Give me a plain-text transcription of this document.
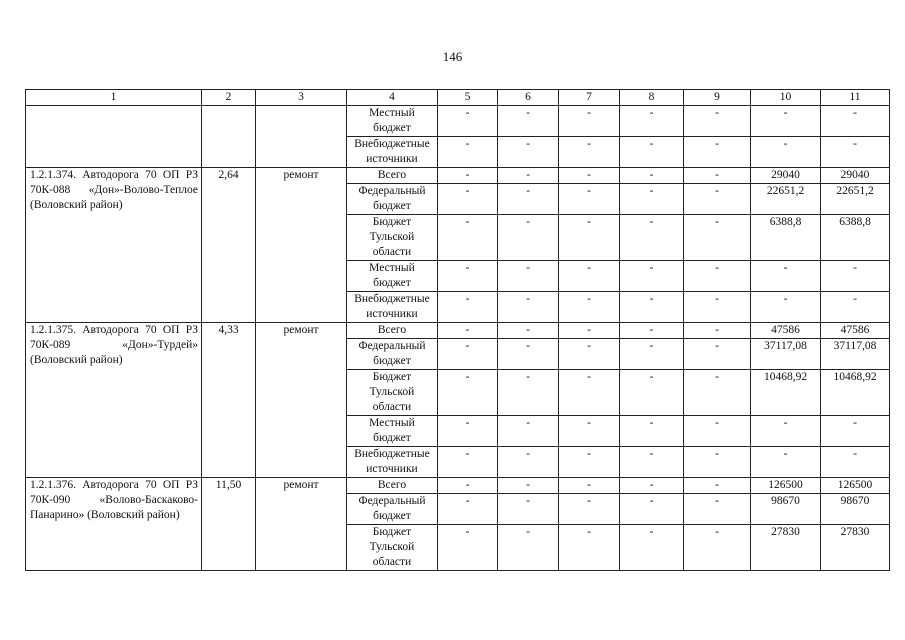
146
1	2	3	4	5	6	7	8	9	10	11
			Местный бюджет	-	-	-	-	-	-	-
			Внебюджетные источники	-	-	-	-	-	-	-
1.2.1.374. Автодорога 70 ОП РЗ 70К-088 «Дон»-Волово-Теплое (Воловский район)	2,64	ремонт	Всего	-	-	-	-	-	29040	29040
			Федеральный бюджет	-	-	-	-	-	22651,2	22651,2
			Бюджет Тульской области	-	-	-	-	-	6388,8	6388,8
			Местный бюджет	-	-	-	-	-	-	-
			Внебюджетные источники	-	-	-	-	-	-	-
1.2.1.375. Автодорога 70 ОП РЗ 70К-089 «Дон»-Турдей» (Воловский район)	4,33	ремонт	Всего	-	-	-	-	-	47586	47586
			Федеральный бюджет	-	-	-	-	-	37117,08	37117,08
			Бюджет Тульской области	-	-	-	-	-	10468,92	10468,92
			Местный бюджет	-	-	-	-	-	-	-
			Внебюджетные источники	-	-	-	-	-	-	-
1.2.1.376. Автодорога 70 ОП РЗ 70К-090 «Волово-Баскаково-Панарино» (Воловский район)	11,50	ремонт	Всего	-	-	-	-	-	126500	126500
			Федеральный бюджет	-	-	-	-	-	98670	98670
			Бюджет Тульской области	-	-	-	-	-	27830	27830
